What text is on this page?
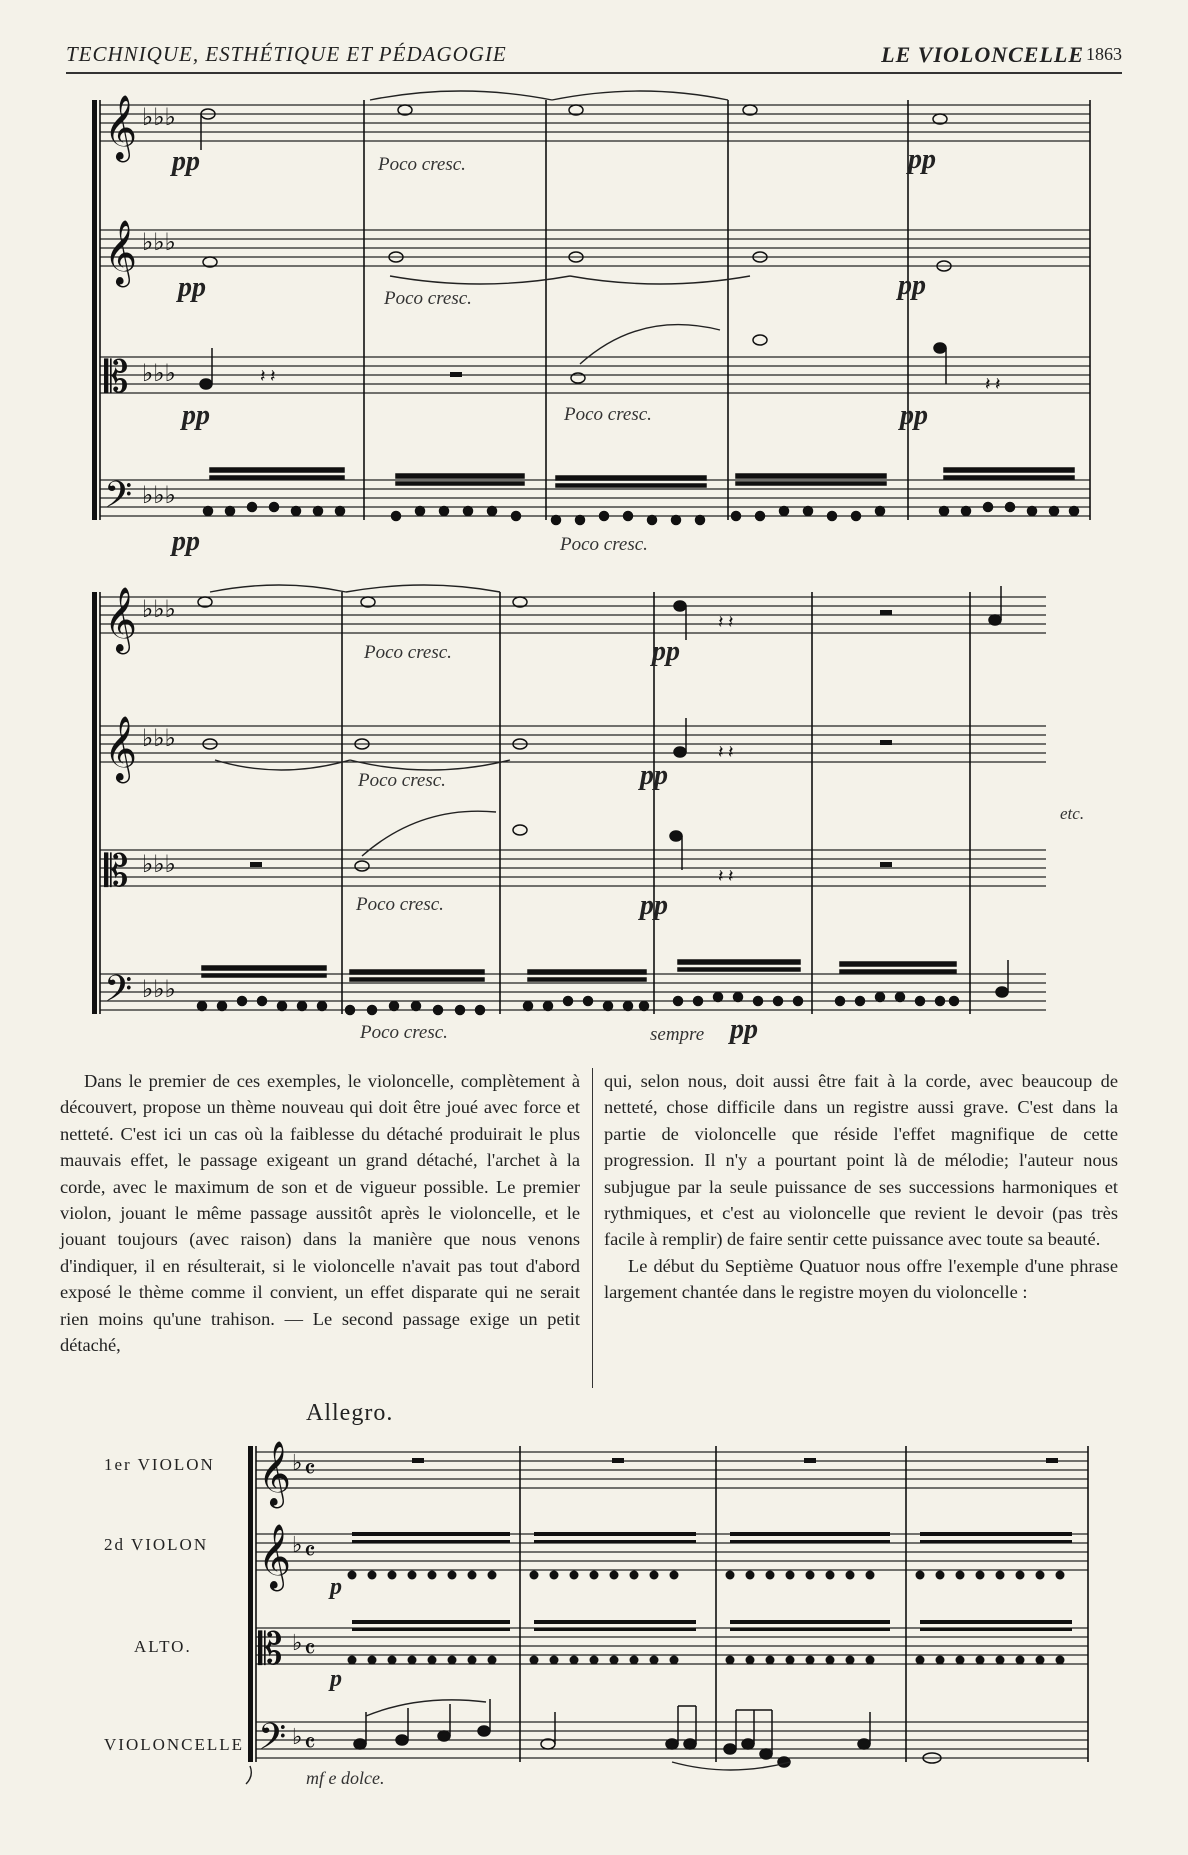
TECHNIQUE, ESTHÉTIQUE ET PÉDAGOGIE	LE VIOLONCELLE 1863
𝄞
𝄞
𝄡
𝄢
♭♭♭
♭♭♭
♭♭♭
♭♭♭
𝄽 𝄽	𝄽 𝄽
pp	pp
pp	pp
pp	pp
pp
Poco cresc.
Poco cresc.
Poco cresc.
Poco cresc.
𝄞
𝄞
𝄡
𝄢
♭♭♭
♭♭♭
♭♭♭
♭♭♭
𝄽 𝄽
𝄽 𝄽
𝄽 𝄽
pp
pp
pp
Poco cresc.
Poco cresc.
Poco cresc.
Poco cresc.	sempre pp
etc.

Dans le premier de ces exemples, le violoncelle, complètement à découvert, propose un thème nouveau qui doit être joué avec force et netteté. C'est ici un cas où la faiblesse du détaché produirait le plus mauvais effet, le passage exigeant un grand détaché, l'archet à la corde, avec le maximum de son et de vigueur possible. Le premier violon, jouant le même passage aussitôt après le violoncelle, et le jouant toujours (avec raison) dans la manière que nous venons d'indiquer, il en résulterait, si le violoncelle n'avait pas tout d'abord exposé le thème comme il convient, un effet disparate qui ne serait rien moins qu'une trahison. — Le second passage exige un petit détaché,

qui, selon nous, doit aussi être fait à la corde, avec beaucoup de netteté, chose difficile dans un registre aussi grave. C'est dans la partie de violoncelle que réside l'effet magnifique de cette progression. Il n'y a pourtant point là de mélodie; l'auteur nous subjugue par la seule puissance de ses successions harmoniques et rythmiques, et c'est au violoncelle que revient le devoir (pas très facile à remplir) de faire sentir cette puissance avec toute sa beauté.

Le début du Septième Quatuor nous offre l'exemple d'une phrase largement chantée dans le registre moyen du violoncelle :

Allegro.
1er VIOLON
2d VIOLON
ALTO.
VIOLONCELLE
𝄞
𝄞
𝄡
𝄢
♭ 𝄴
♭ 𝄴
♭ 𝄴
♭ 𝄴
p
p
mf e dolce.
